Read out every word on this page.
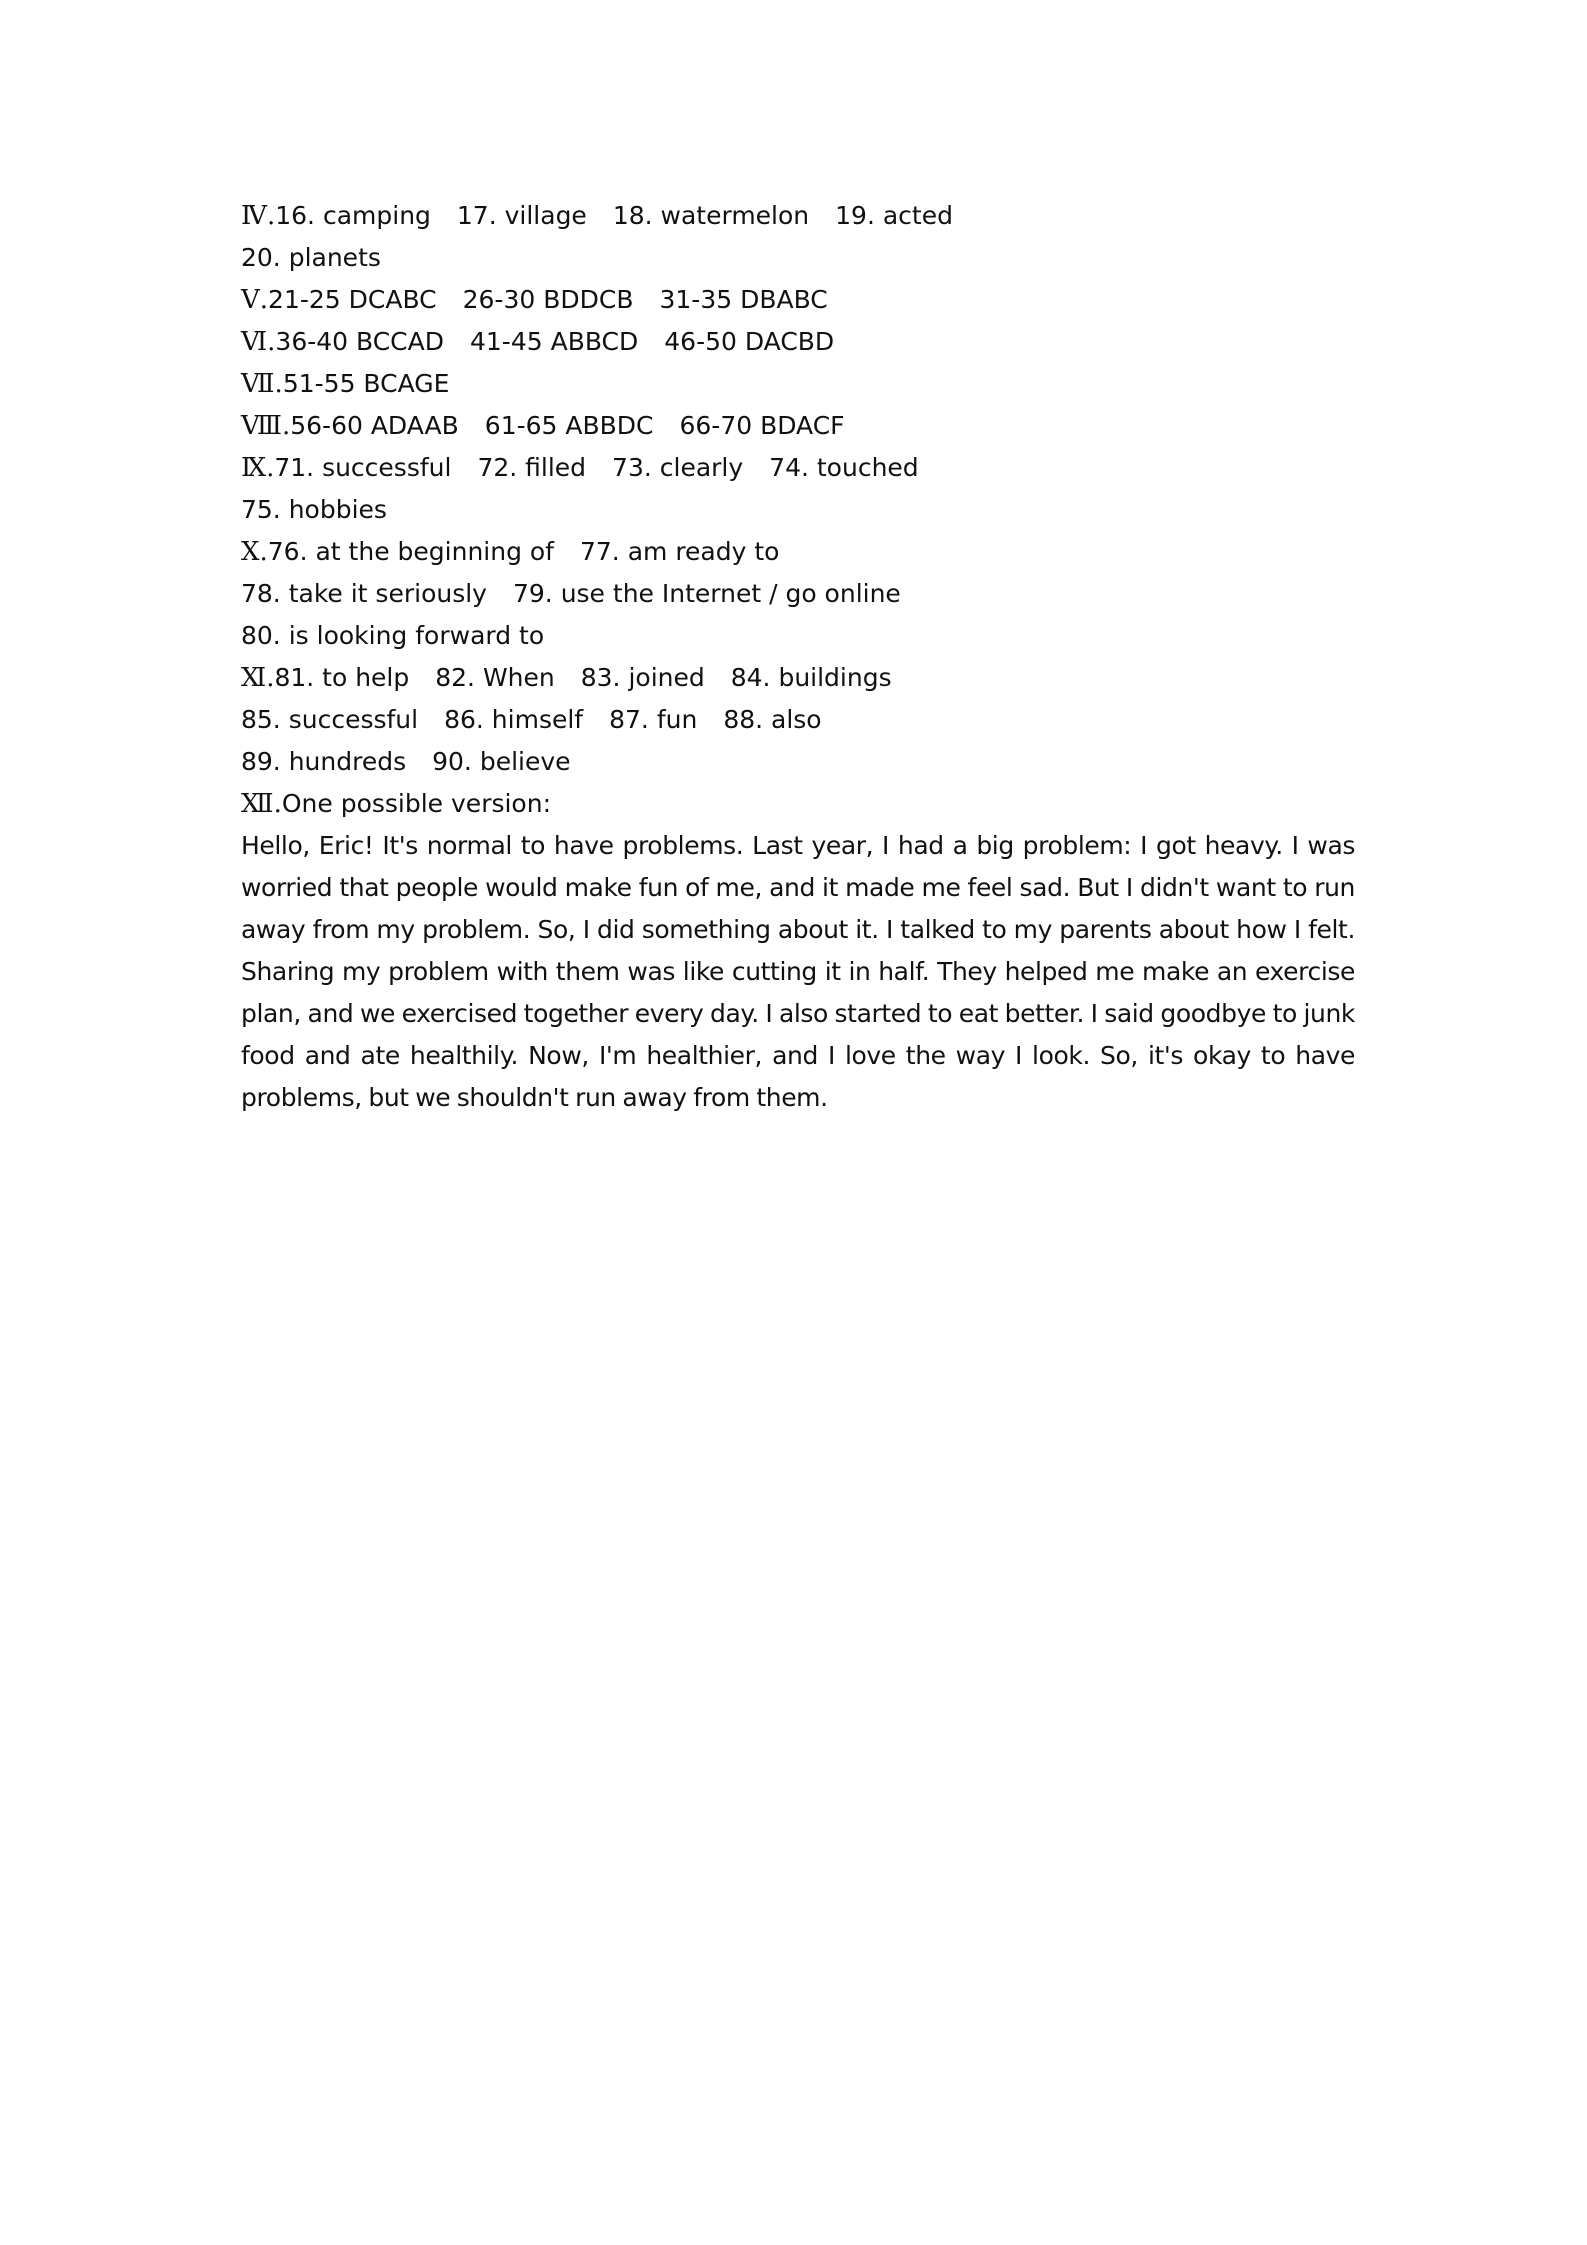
Ⅳ.16. camping 17. village 18. watermelon 19. acted
20. planets
Ⅴ.21-25 DCABC 26-30 BDDCB 31-35 DBABC
Ⅵ.36-40 BCCAD 41-45 ABBCD 46-50 DACBD
Ⅶ.51-55 BCAGE
Ⅷ.56-60 ADAAB 61-65 ABBDC 66-70 BDACF
Ⅸ.71. successful 72. filled 73. clearly 74. touched
75. hobbies
Ⅹ.76. at the beginning of 77. am ready to
78. take it seriously 79. use the Internet / go online
80. is looking forward to
Ⅺ.81. to help 82. When 83. joined 84. buildings
85. successful 86. himself 87. fun 88. also
89. hundreds 90. believe
Ⅻ.One possible version:

Hello, Eric! It's normal to have problems. Last year, I had a big problem: I got heavy. I was worried that people would make fun of me, and it made me feel sad. But I didn't want to run away from my problem. So, I did something about it. I talked to my parents about how I felt. Sharing my problem with them was like cutting it in half. They helped me make an exercise plan, and we exercised together every day. I also started to eat better. I said goodbye to junk food and ate healthily. Now, I'm healthier, and I love the way I look. So, it's okay to have problems, but we shouldn't run away from them.
